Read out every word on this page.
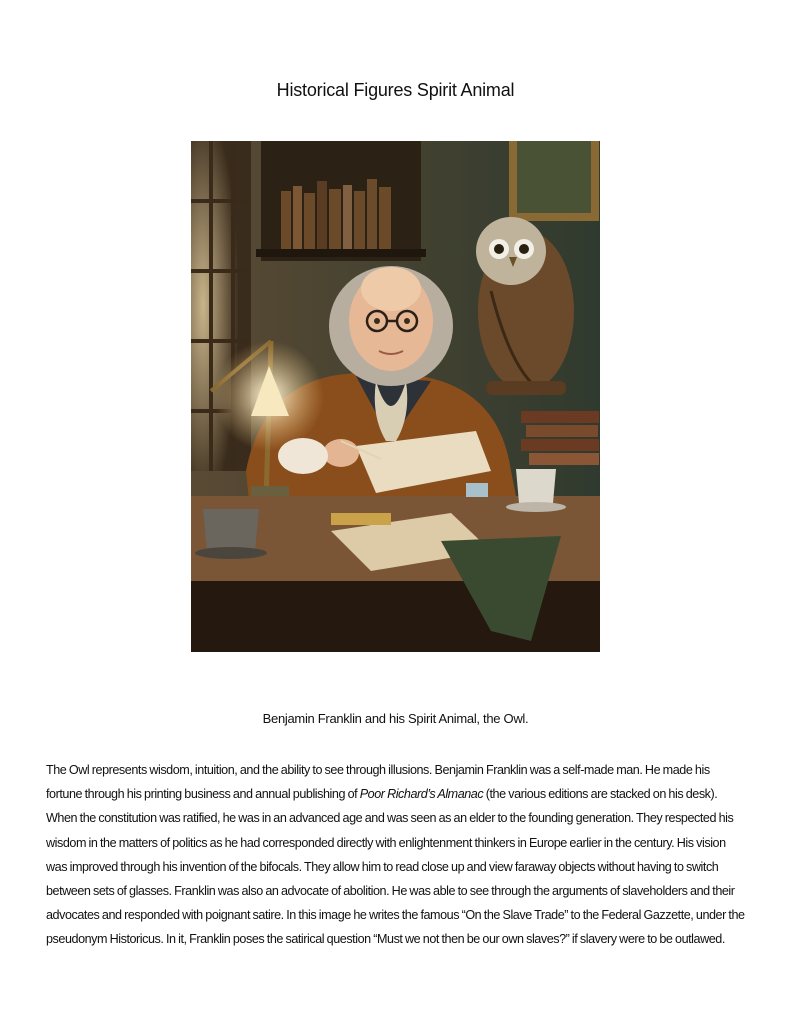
Historical Figures Spirit Animal
Benjamin Franklin and his Spirit Animal, the Owl.
The Owl represents wisdom, intuition, and the ability to see through illusions. Benjamin Franklin was a self-made man. He made his fortune through his printing business and annual publishing of Poor Richard’s Almanac (the various editions are stacked on his desk). When the constitution was ratified, he was in an advanced age and was seen as an elder to the founding generation. They respected his wisdom in the matters of politics as he had corresponded directly with enlightenment thinkers in Europe earlier in the century. His vision was improved through his invention of the bifocals. They allow him to read close up and view faraway objects without having to switch between sets of glasses. Franklin was also an advocate of abolition. He was able to see through the arguments of slaveholders and their advocates and responded with poignant satire. In this image he writes the famous “On the Slave Trade” to the Federal Gazzette, under the pseudonym Historicus. In it, Franklin poses the satirical question “Must we not then be our own slaves?” if slavery were to be outlawed.
